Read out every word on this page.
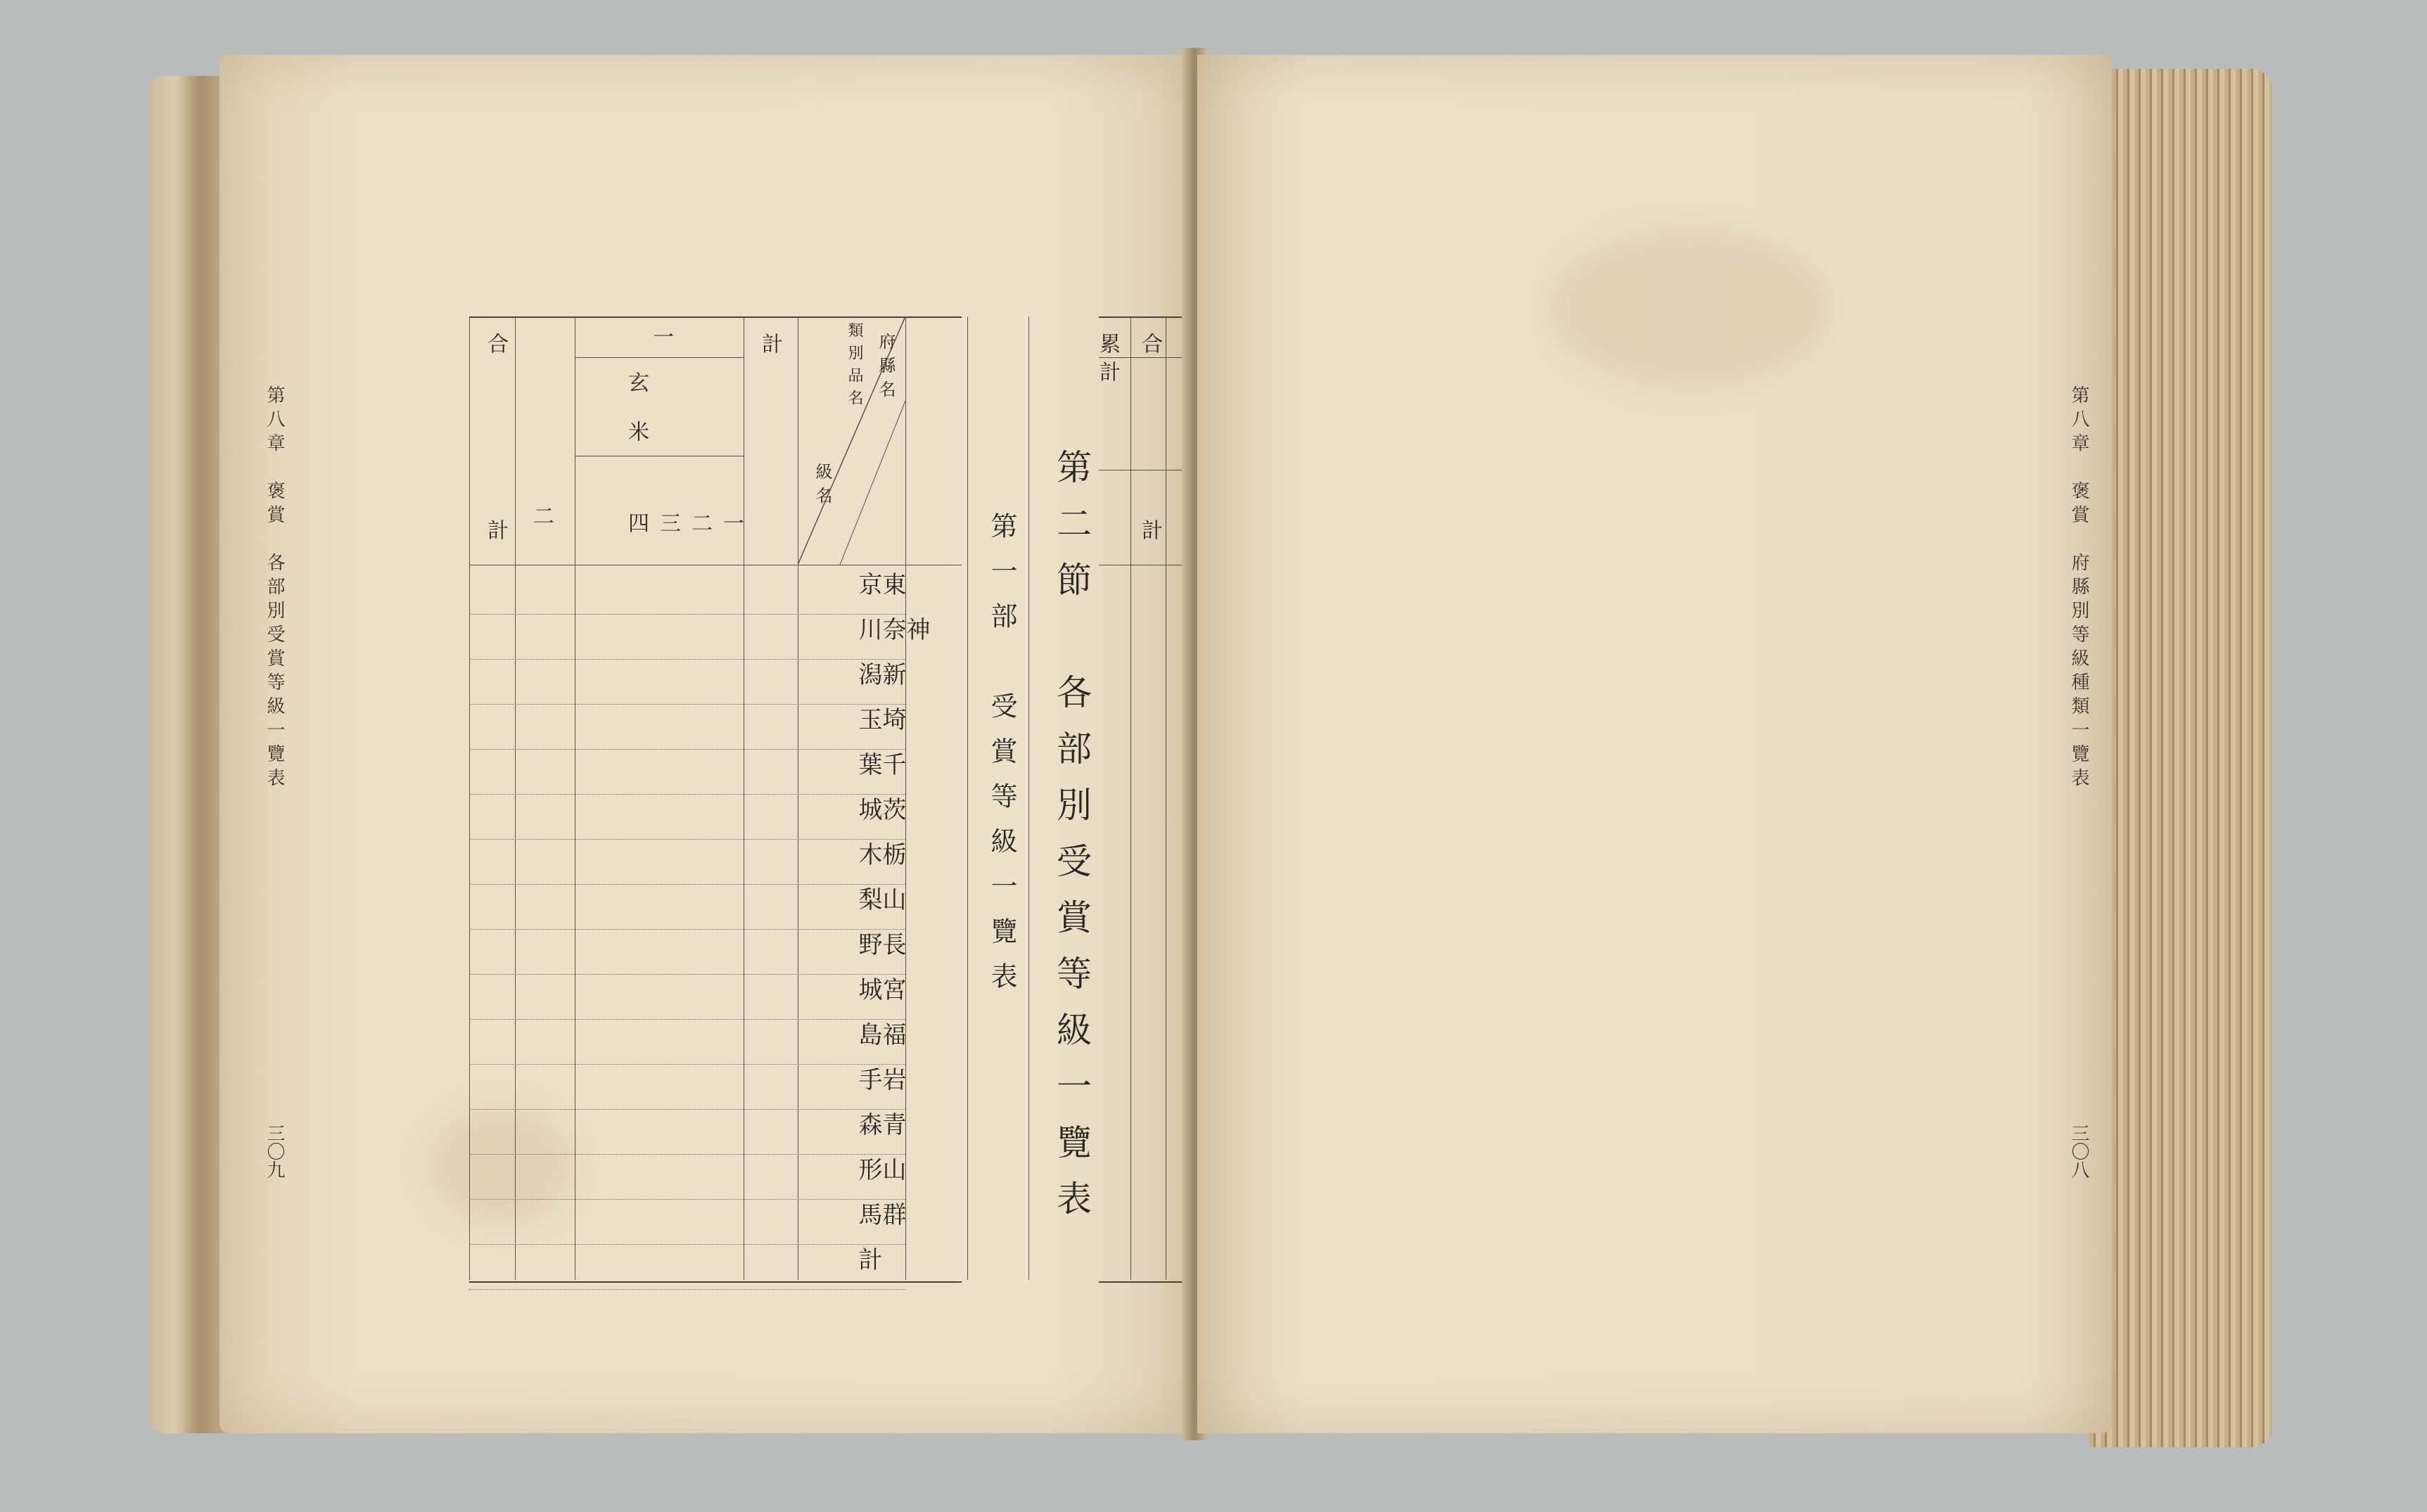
第八章　褒賞　各部別受賞等級一覽表
三〇九
合
計 二
一
玄米
計	府縣名
類別品名
級名
一
二
三
四
東京
神奈川
新潟
埼玉
千葉
茨城
栃木
山梨
長野
宮城
福島
岩手
青森
山形
群馬
計
第一部　受賞等級一覽表 第二節　各部別受賞等級一覽表
累計 合
計
第八章　褒賞　府縣別等級種類一覽表
三〇八
